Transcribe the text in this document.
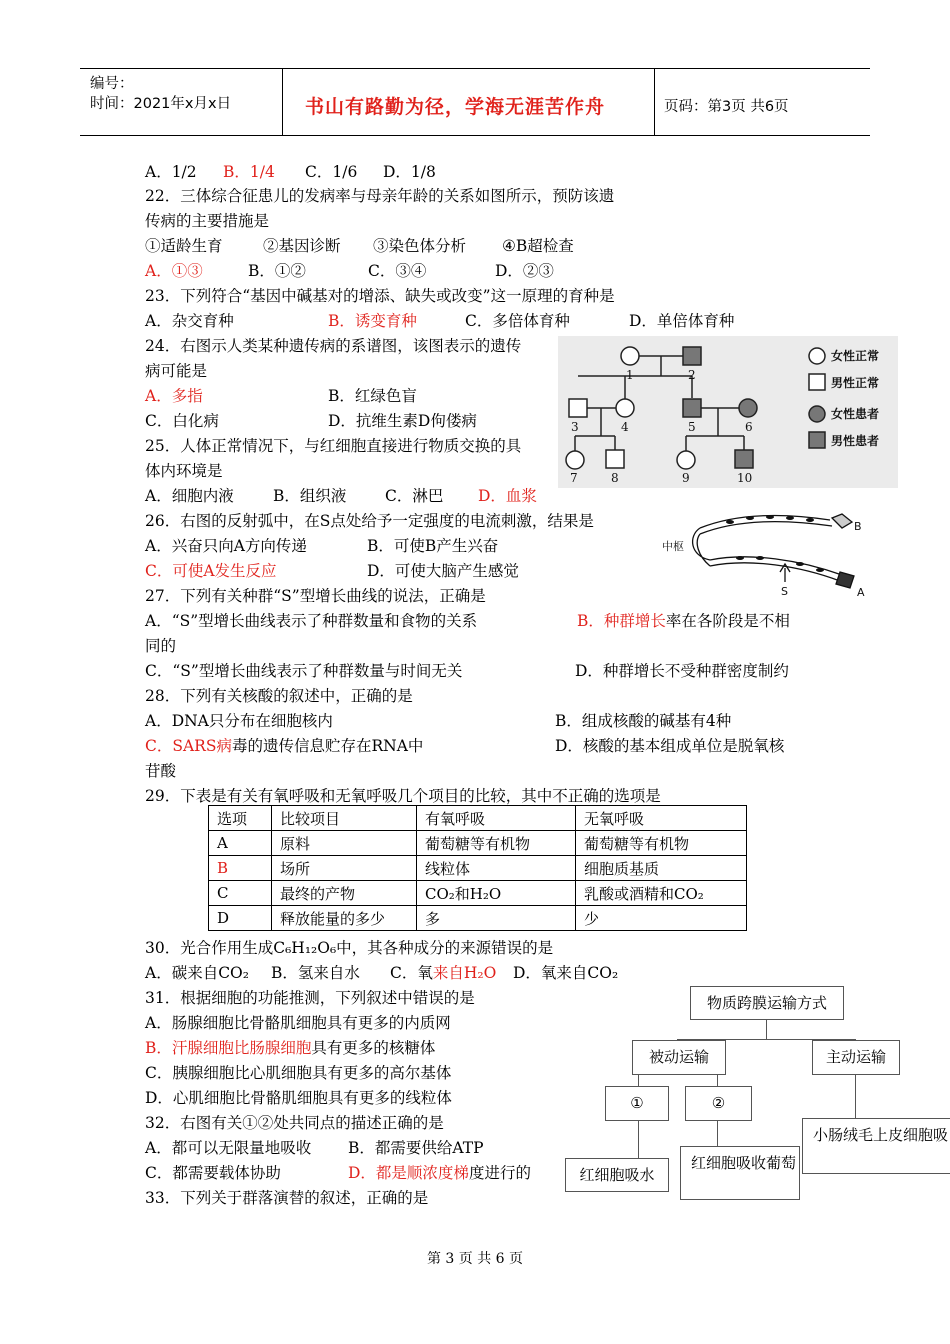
编号：
时间：2021年x月x日	书山有路勤为径，学海无涯苦作舟	页码：第3页 共6页
A．1/2 B．1/4 C．1/6 D．1/8
22．三体综合征患儿的发病率与母亲年龄的关系如图所示，预防该遗
传病的主要措施是
①适龄生育	②基因诊断 ③染色体分析 ④B超检查
A．①③	B．①②	C．③④	D．②③
23．下列符合“基因中碱基对的增添、缺失或改变”这一原理的育种是
A．杂交育种	B．诱变育种	C．多倍体育种	D．单倍体育种
24．右图示人类某种遗传病的系谱图，该图表示的遗传
病可能是
A．多指	B．红绿色盲
C．白化病	D．抗维生素D佝偻病
1	2
3	4	5	6
7	8	9	10
女性正常
男性正常
女性患者
男性患者
25．人体正常情况下，与红细胞直接进行物质交换的具
体内环境是
A．细胞内液	B．组织液 C．淋巴 D．血浆
26．右图的反射弧中，在S点处给予一定强度的电流刺激，结果是
A．兴奋只向A方向传递	B．可使B产生兴奋
C．可使A发生反应	D．可使大脑产生感觉
中枢
B
S	A
27．下列有关种群“S”型增长曲线的说法，正确是
A．“S”型增长曲线表示了种群数量和食物的关系	B．种群增长率在各阶段是不相
同的
C．“S”型增长曲线表示了种群数量与时间无关	D．种群增长不受种群密度制约
28．下列有关核酸的叙述中，正确的是
A．DNA只分布在细胞核内	B．组成核酸的碱基有4种
C．SARS病毒的遗传信息贮存在RNA中	D．核酸的基本组成单位是脱氧核
苷酸
29．下表是有关有氧呼吸和无氧呼吸几个项目的比较，其中不正确的选项是
选项	比较项目	有氧呼吸	无氧呼吸
A	原料	葡萄糖等有机物	葡萄糖等有机物
B	场所	线粒体	细胞质基质
C	最终的产物	CO₂和H₂O	乳酸或酒精和CO₂
D	释放能量的多少	多	少
30．光合作用生成C₆H₁₂O₆中，其各种成分的来源错误的是
A．碳来自CO₂ B．氢来自水 C．氧来自H₂O D．氧来自CO₂
31．根据细胞的功能推测，下列叙述中错误的是
A．肠腺细胞比骨骼肌细胞具有更多的内质网
B．汗腺细胞比肠腺细胞具有更多的核糖体
C．胰腺细胞比心肌细胞具有更多的高尔基体
D．心肌细胞比骨骼肌细胞具有更多的线粒体
32．右图有关①②处共同点的描述正确的是
A．都可以无限量地吸收 B．都需要供给ATP
C．都需要载体协助	D．都是顺浓度梯度进行的
33．下列关于群落演替的叙述，正确的是
物质跨膜运输方式
被动运输	主动运输
①	②
红细胞吸水
红细胞吸收葡萄
小肠绒毛上皮细胞吸
第 3 页 共 6 页
